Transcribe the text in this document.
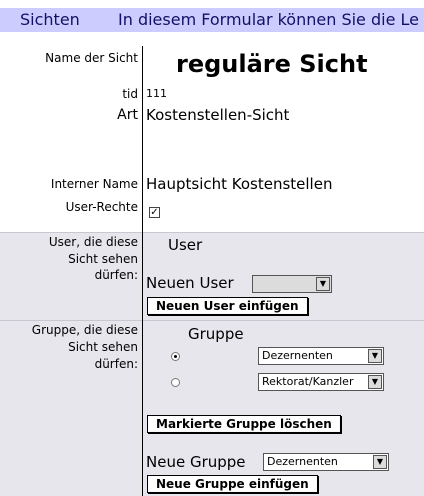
Sichten In diesem Formular können Sie die Le
Name der Sicht reguläre Sicht
tid 111
Art Kostenstellen-Sicht
Interner Name Hauptsicht Kostenstellen
User-Rechte ✓
User, die diese
Sicht sehen
dürfen:
User
Neuen User	▼
Neuen User einfügen
Gruppe, die diese
Sicht sehen
dürfen:
Gruppe
Dezernenten	▼
Rektorat/Kanzler	▼
Markierte Gruppe löschen
Neue Gruppe Dezernenten	▼
Neue Gruppe einfügen
